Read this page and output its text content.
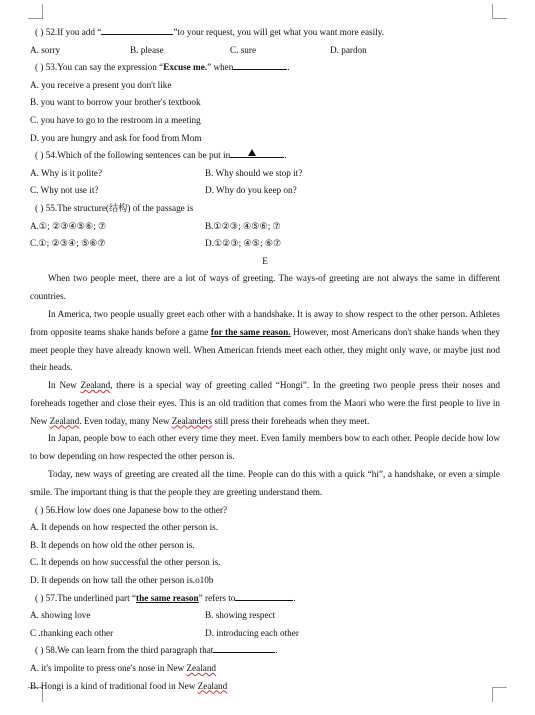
( ) 52.If you add “	”to your request, you will get what you want more easily.
A. sorry	B. please	C. sure	D. pardon
( ) 53.You can say the expression “Excuse me.” when	.
A. you receive a present you don't like
B. you want to borrow your brother's textbook
C. you have to go to the restroom in a meeting
D. you are hungry and ask for food from Mom
( ) 54.Which of the following sentences can be put in	.
A. Why is it polite?	B. Why should we stop it?
C. Why not use it?	D. Why do you keep on?
( ) 55.The structure(结构) of the passage is
A.①; ②③④⑤⑥; ⑦	B.①②③; ④⑤⑥; ⑦
C.①; ②③④; ⑤⑥⑦	D.①②③; ④⑤; ⑥⑦
E

When two people meet, there are a lot of ways of greeting. The ways-of greeting are not always the same in different countries.

In America, two people usually greet each other with a handshake. It is away to show respect to the other person. Athletes from opposite teams shake hands before a game for the same reason. However, most Americans don't shake hands when they meet people they have already known well. When American friends meet each other, they might only wave, or maybe just nod their heads.

In New Zealand, there is a special way of greeting called “Hongi”. In the greeting two people press their noses and foreheads together and close their eyes. This is an old tradition that comes from the Maori who were the first people to live in New Zealand. Even today, many New Zealanders still press their foreheads when they meet.

In Japan, people bow to each other every time they meet. Even family members bow to each other. People decide how low to bow depending on how respected the other person is.

Today, new ways of greeting are created all the time. People can do this with a quick “hi”, a handshake, or even a simple smile. The important thing is that the people they are greeting understand them.

( ) 56.How low does one Japanese bow to the other?
A. It depends on how respected the other person is.
B. It depends on how old the other person is.
C. It depends on how successful the other person is.
D. It depends on how tall the other person is.o10b
( ) 57.The underlined part “the same reason” refers to	.
A. showing love	B. showing respect
C .thanking each other	D. introducing each other
( ) 58.We can learn from the third paragraph that	.
A. it's impolite to press one's nose in New Zealand
B. Hongi is a kind of traditional food in New Zealand
